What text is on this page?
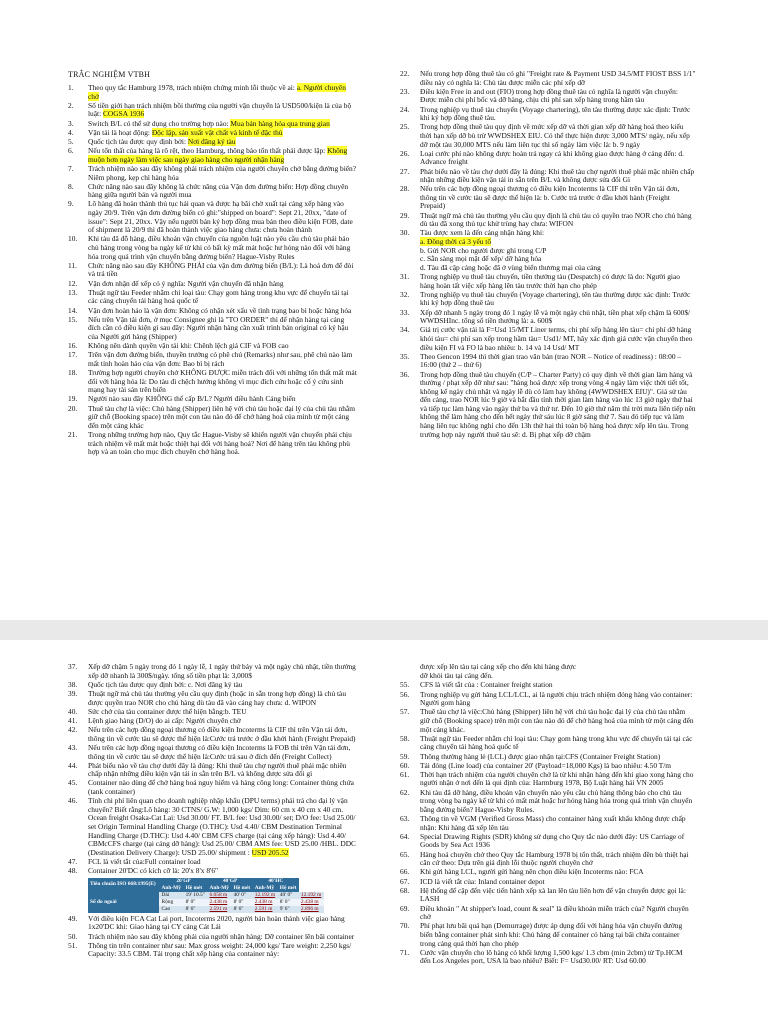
TRẮC NGHIỆM VTBH
1.	Theo quy tắc Hamburg 1978, trách nhiệm chứng minh lỗi thuộc về ai: a. Người chuyên chở
2.	Số tiền giới hạn trách nhiệm bồi thường của người vận chuyển là USD500/kiện là của bộ luật: COGSA 1936
3.	Switch B/L có thể sử dụng cho trường hợp nào: Mua bán hàng hóa qua trung gian
4.	Vận tải là hoạt động: Độc lập, sản xuất vật chất và kinh tế đặc thù
5.	Quốc tịch tàu được quy định bởi: Nơi đăng ký tàu
6.	Nếu tổn thất của hàng là rõ rệt, theo Hamburg, thông báo tổn thất phải được lập: Không muộn hơn ngày làm việc sau ngày giao hàng cho người nhận hàng
7.	Trách nhiệm nào sau đây không phải trách nhiệm của người chuyên chở bằng đường biển? Niêm phong, kẹp chì hàng hóa
8.	Chức năng nào sau đây không là chức năng của Vận đơn đường biển: Hợp đồng chuyên hàng giữa người bán và người mua
9.	Lô hàng đã hoàn thành thủ tục hải quan và được hạ bãi chờ xuất tại cảng xếp hàng vào ngày 20/9. Trên vận đơn đường biển có ghi:"shipped on board": Sept 21, 20xx, "date of issue": Sept 21, 20xx. Vậy nếu người bán ký hợp đồng mua bán theo điều kiện FOB, date of shipment là 20/9 thì đã hoàn thành việc giao hàng chưa: chưa hoàn thành
10.	Khi tàu đã đỗ hàng, điều khoản vận chuyển của nguồn luật nào yêu cầu chủ tàu phải báo chủ hàng trong vòng ba ngày kể từ khi có bất kỳ mất mát hoặc hư hỏng nào đối với hàng hóa trong quá trình vận chuyển bằng đường biển? Hague-Visby Rules
11.	Chức năng nào sau đây KHÔNG PHẢI của vận đơn đường biển (B/L): Là hoá đơn để đòi và trả tiền
12.	Vận đơn nhận để xếp có ý nghĩa: Người vận chuyển đã nhận hàng
13.	Thuật ngữ tàu Feeder nhằm chỉ loại tàu: Chạy gom hàng trong khu vực để chuyển tải tại các cảng chuyển tải hàng hoá quốc tế
14.	Vận đơn hoàn hảo là vận đơn: Không có nhận xét xấu về tình trạng bao bì hoặc hàng hóa
15.	Nếu trên Vận tải đơn, ở mục Consignee ghi là "TO ORDER" thì để nhận hàng tại cảng đích cần có điều kiện gì sau đây: Người nhận hàng cần xuất trình bản original có ký hậu của Người gửi hàng (Shipper)
16.	Không nên dành quyền vận tải khi: Chênh lệch giá CIF và FOB cao
17.	Trên vận đơn đường biển, thuyền trưởng có phê chú (Remarks) như sau, phê chú nào làm mất tính hoàn hảo của vận đơn: Bao bì bị rách
18.	Trường hợp người chuyên chở KHÔNG ĐƯỢC miễn trách đối với những tổn thất mất mát đối với hàng hóa là: Do tàu đi chệch hướng không vì mục đích cứu hoặc cố ý cứu sinh mạng hay tài sản trên biển
19.	Người nào sau đây KHÔNG thể cấp B/L? Người điều hành Cảng biển
20.	Thuê tàu chợ là việc: Chủ hàng (Shipper) liên hệ với chủ tàu hoặc đại lý của chủ tàu nhằm giữ chỗ (Booking space) trên một con tàu nào đó để chở hàng hoá của mình từ một cảng đến một cảng khác
21.	Trong những trường hợp nào, Quy tắc Hague-Visby sẽ khiến người vận chuyển phải chịu trách nhiệm về mất mát hoặc thiệt hại đối với hàng hoá? Nơi để hàng trên tàu không phù hợp và an toàn cho mục đích chuyên chở hàng hoá.
22.	Nếu trong hợp đồng thuê tàu có ghi "Freight rate & Payment USD 34.5/MT FIOST BSS 1/1" điều này có nghĩa là: Chủ tàu được miễn các phí xếp dỡ
23.	Điều kiện Free in and out (FIO) trong hợp đồng thuê tàu có nghĩa là người vận chuyển: Được miễn chi phí bốc và dỡ hàng, chịu chi phí san xếp hàng trong hầm tàu
24.	Trong nghiệp vụ thuê tàu chuyến (Voyage chartering), tên tàu thường được xác định: Trước khi ký hợp đồng thuê tàu.
25.	Trong hợp đồng thuê tàu quy định về mức xếp dỡ và thời gian xếp dỡ hàng hoá theo kiểu thời hạn xếp dỡ bù trừ WWDSHEX EIU. Có thể thực hiện được 3,000 MTS/ ngày, nếu xếp dỡ một tàu 30,000 MTS nếu làm liên tục thì số ngày làm việc là: b. 9 ngày
26.	Loại cước phí nào không được hoàn trả ngay cả khi không giao được hàng ở cảng đến: d. Advance freight
27.	Phát biểu nào về tàu chợ dưới đây là đúng: Khi thuê tàu chợ người thuê phải mặc nhiên chấp nhận những điều kiện vận tải in sẵn trên B/L và không được sửa đổi Gì
28.	Nếu trên các hợp đồng ngoại thương có điều kiện Incoterms là CIF thì trên Vận tải đơn, thông tin về cước tàu sẽ được thể hiện là: b. Cước trả trước ở đầu khởi hành (Freight Prepaid)
29.	Thuật ngữ mà chủ tàu thường yêu cầu quy định là chủ tàu có quyền trao NOR cho chủ hàng dù tàu đã xong thủ tục khử trùng hay chưa: WIFON
30.	Tàu được xem là đến cảng nhận hàng khi:
a. Đồng thời cả 3 yếu tố
b. Gửi NOR cho người được ghi trong C/P
c. Sẵn sàng mọi mặt để xếp/ dỡ hàng hóa
d. Tàu đã cập cảng hoặc đã ở vùng biển thương mại của cảng
31.	Trong nghiệp vụ thuê tàu chuyến, tiền thưởng tàu (Despatch) có được là do: Người giao hàng hoàn tất việc xếp hàng lên tàu trước thời hạn cho phép
32.	Trong nghiệp vụ thuê tàu chuyến (Voyage chartering), tên tàu thường được xác định: Trước khi ký hợp đồng thuê tàu
33.	Xếp dỡ nhanh 5 ngày trong đó 1 ngày lễ và một ngày chủ nhật, tiền phạt xếp chậm là 600$/ WWDSHInc. tổng số tiền thưởng là: a. 600$
34.	Giá trị cước vận tải là F=Usd 15/MT Liner terms, chi phí xếp hàng lên tàu= chi phí dỡ hàng khỏi tàu= chi phí san xếp trong hầm tàu= Usd1/ MT, hãy xác định giá cước vận chuyển theo điều kiện FI và FO là bao nhiêu: b. 14 và 14 Usd/ MT
35.	Theo Gencon 1994 thì thời gian trao văn bản (trao NOR – Notice of readiness) : 08:00 – 16:00 (thứ 2 – thứ 6)
36.	Trong hợp đồng thuê tàu chuyến (C/P – Charter Party) có quy định về thời gian làm hàng và thưởng / phạt xếp dỡ như sau: "hàng hoá được xếp trong vòng 4 ngày làm việc thời tiết tốt, không kể ngày chủ nhật và ngày lễ dù có làm hay không (4WWDSHEX EIU)". Giả sử tàu đến cảng, trao NOR lúc 9 giờ và bắt đầu tính thời gian làm hàng vào lúc 13 giờ ngày thứ hai và tiếp tục làm hàng vào ngày thứ ba và thứ tư. Đến 10 giờ thứ năm thì trời mưa liên tiếp nên không thể làm hàng cho đến hết ngày thứ sáu lúc 8 giờ sáng thứ 7. Sau đó tiếp tục và làm hàng liên tục không nghỉ cho đến 13h thứ hai thì toàn bộ hàng hoá được xếp lên tàu. Trong trường hợp này người thuê tàu sẽ: d. Bị phạt xếp dỡ chậm
37.	Xếp dỡ chậm 5 ngày trong đó 1 ngày lễ, 1 ngày thứ bảy và một ngày chủ nhật, tiền thưởng xếp dỡ nhanh là 300$/ngày. tổng số tiền phạt là: 3,000$
38.	Quốc tịch tàu được quy định bởi: c. Nơi đăng ký tàu
39.	Thuật ngữ mà chủ tàu thường yêu cầu quy định (hoặc in sẵn trong hợp đồng) là chủ tàu được quyền trao NOR cho chủ hàng dù tàu đã vào cảng hay chưa: d. WIPON
40.	Sức chở của tàu container được thể hiện bằng:b. TEU
41.	Lệnh giao hàng (D/O) do ai cấp: Người chuyên chở
42.	Nếu trên các hợp đồng ngoại thương có điều kiện Incoterms là CIF thì trên Vận tải đơn, thông tin về cước tàu sẽ được thể hiện là:Cước trả trước ở đầu khởi hành (Freight Prepaid)
43.	Nếu trên các hợp đồng ngoại thương có điều kiện Incoterms là FOB thì trên Vận tải đơn, thông tin về cước tàu sẽ được thể hiện là:Cước trả sau ở đích đến (Freight Collect)
44.	Phát biểu nào về tàu chợ dưới đây là đúng: Khi thuê tàu chợ người thuê phải mặc nhiên chấp nhận những điều kiện vận tải in sẵn trên B/L và không được sửa đổi gì
45.	Container nào dùng để chở hàng hoá nguy hiểm và hàng công long: Container thùng chứa (tank container)
46.	Tính chi phí liên quan cho doanh nghiệp nhập khẩu (DPU terms) phải trả cho đại lý vận chuyển? Biết rằng:Lô hàng: 30 CTNS/ G.W: 1,000 kgs/ Dim: 60 cm x 40 cm x 40 cm. Ocean freight Osaka-Cat Lai: Usd 30.00/ FT. B/L fee: Usd 30.00/ set; D/O fee: Usd 25.00/ set Origin Terminal Handling Charge (O.THC): Usd 4.40/ CBM Destination Terminal Handling Charge (D.THC): Usd 4.40/ CBM CFS charge (tại cảng xếp hàng): Usd 4.40/ CBMcCFS charge (tại cảng dỡ hàng): Usd 25.00/ CBM AMS fee: USD 25.00 /HBL. DDC (Destination Delivery Charge): USD 25.00/ shipment : USD 205.52
47.	FCL là viết tắt của:Full container load
48.	Container 20'DC có kích cỡ là: 20'x 8'x 8'6"
Tiêu chuẩn ISO 668:1995(E)	20'GP		40'GP		40'HC		
	Anh-Mỹ	Hệ mét	Anh-Mỹ	Hệ mét	Anh-Mỹ	Hệ mét	
Số đo ngoài	Dài	19' 10.5"	6.058 m	40' 0"	12.192 m	40' 0"	12.192 m
	Rộng	8' 0"	2.438 m	8' 0"	2.438 m	8' 0"	2.438 m
	Cao	8' 6"	2.591 m	8' 6"	2.591 m	9' 6"	2.896 m
49.	Với điều kiện FCA Cat Lai port, Incoterms 2020, người bán hoàn thành việc giao hàng 1x20'DC khi: Giao hàng tại CY cảng Cát Lái
50.	Trách nhiệm nào sau đây không phải của người nhận hàng: Dỡ container lên bãi container
51.	Thông tin trên container như sau: Max gross weight: 24,000 kgs/ Tare weight: 2,250 kgs/ Capacity: 33.5 CBM. Tải trọng chất xếp hàng của container này:
được xếp lên tàu tại cảng xếp cho đến khi hàng được
dỡ khỏi tàu tại cảng đến.
55.	CFS là viết tắt của : Container freight station
56.	Trong nghiệp vụ gửi hàng LCL/LCL, ai là người chịu trách nhiệm đóng hàng vào container: Người gom hàng
57.	Thuê tàu chợ là việc:Chủ hàng (Shipper) liên hệ với chủ tàu hoặc đại lý của chủ tàu nhằm giữ chỗ (Booking space) trên một con tàu nào đó để chở hàng hoá của mình từ một cảng đến một cảng khác.
58.	Thuật ngữ tàu Feeder nhằm chỉ loại tàu: Chạy gom hàng trong khu vực để chuyển tải tại các cảng chuyển tải hàng hoá quốc tế
59.	Thông thường hàng lẻ (LCL) được giao nhận tại:CFS (Container Freight Station)
60.	Tải đóng (Line load) của container 20' (Payload=18,000 Kgs) là bao nhiêu: 4.50 T/m
61.	Thời hạn trách nhiệm của người chuyên chở là từ khi nhận hàng đến khi giao xong hàng cho người nhận ở nơi đến là qui định của: Harmburg 1978, Bộ Luật hàng hải VN 2005
62.	Khi tàu đã dỡ hàng, điều khoản vận chuyển nào yêu cầu chủ hàng thông báo cho chủ tàu trong vòng ba ngày kể từ khi có mất mát hoặc hư hỏng hàng hóa trong quá trình vận chuyển bằng đường biển? Hague-Visby Rules.
63.	Thông tin về VGM (Verified Gross Mass) cho container hàng xuất khẩu không được chấp nhận: Khi hàng đã xếp lên tàu
64.	Special Drawing Rights (SDR) không sử dụng cho Quy tắc nào dưới đây: US Carriage of Goods by Sea Act 1936
65.	Hàng hoá chuyên chở theo Quy tắc Hamburg 1978 bị tổn thất, trách nhiệm đền bù thiệt hại căn cứ theo: Dựa trên giá định lỗi thuộc người chuyên chở
66.	Khi gửi hàng LCL, người gửi hàng nên chọn điều kiện Incoterms nào: FCA
67.	ICD là viết tắt của: Inland container depot
68.	Hệ thống để cập đến việc tiến hành xếp xà lan lên tàu liên hơn để vận chuyển được gọi là: LASH
69.	Điều khoản " At shipper's load, count & seal" là điều khoản miễn trách của? Người chuyên chở
70.	Phí phạt lưu bãi quá hạn (Demurrage) được áp dụng đối với hàng hóa vận chuyển đường biển bằng container phát sinh khi: Chủ hàng để container có hàng tại bãi chứa container trong cảng quá thời hạn cho phép
71.	Cước vận chuyển cho lô hàng có khối lượng 1,500 kgs/ 1.3 cbm (min 2cbm) từ Tp.HCM đến Los Angeles port, USA là bao nhiêu? Biết: F= Usd30.00/ RT: Usd 60.00
